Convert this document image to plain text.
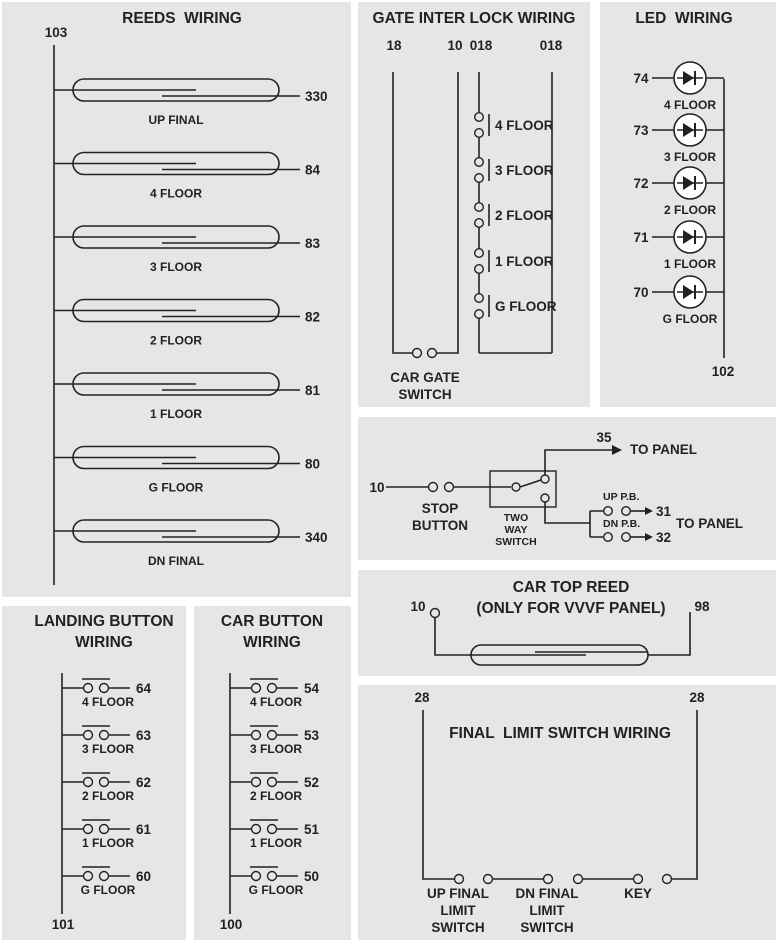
REEDS  WIRING
103
330
UP FINAL
84
4 FLOOR
83
3 FLOOR
82
2 FLOOR
81
1 FLOOR
80
G FLOOR
340
DN FINAL
GATE INTER LOCK WIRING
18	10 018	018
CAR GATE
SWITCH
4 FLOOR
3 FLOOR
2 FLOOR
1 FLOOR
G FLOOR
LED  WIRING
102
74
4 FLOOR
73
3 FLOOR
72
2 FLOOR
71
1 FLOOR
70
G FLOOR
10
STOP
BUTTON
35
TO PANEL
TWO
WAY
SWITCH
UP P.B.
DN P.B.
31
32
TO PANEL
CAR TOP REED
(ONLY FOR VVVF PANEL)
10	98
FINAL  LIMIT SWITCH WIRING
28	28
UP FINAL
LIMIT
SWITCH
DN FINAL
LIMIT
SWITCH
KEY
LANDING BUTTON
WIRING
101
64
4 FLOOR
63
3 FLOOR
62
2 FLOOR
61
1 FLOOR
60
G FLOOR
CAR BUTTON
WIRING
100
54
4 FLOOR
53
3 FLOOR
52
2 FLOOR
51
1 FLOOR
50
G FLOOR
